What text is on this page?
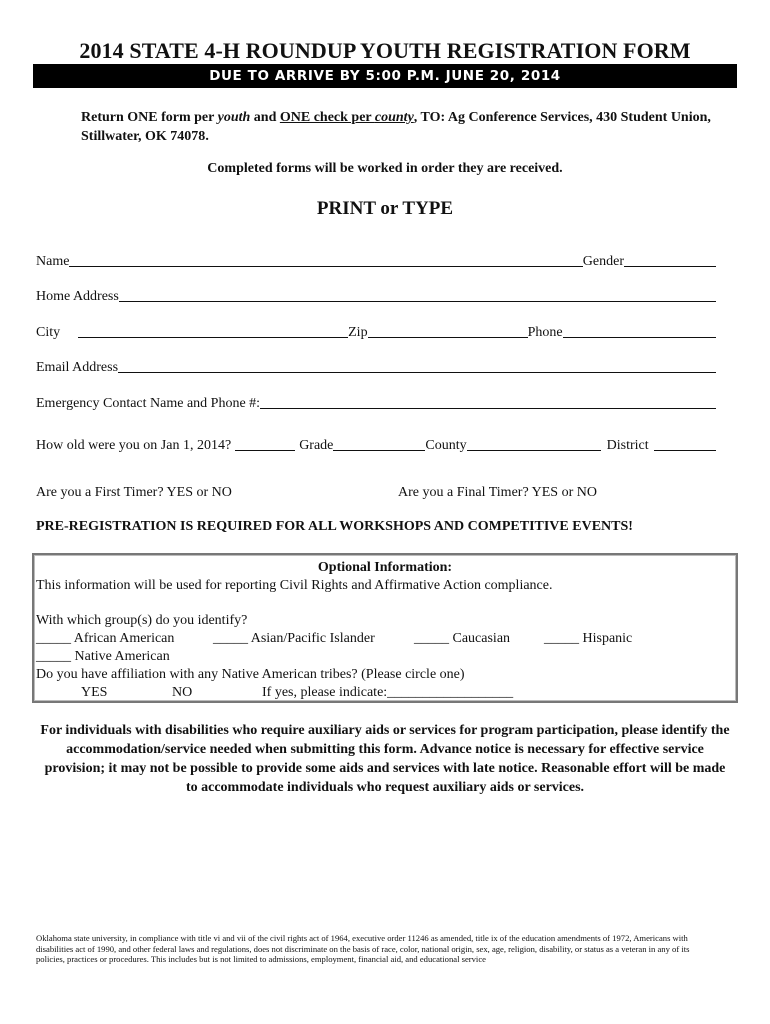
2014 STATE 4-H ROUNDUP YOUTH REGISTRATION FORM
DUE TO ARRIVE BY 5:00 P.M. JUNE 20, 2014
Return ONE form per youth and ONE check per county, TO: Ag Conference Services, 430 Student Union, Stillwater, OK 74078.
Completed forms will be worked in order they are received.
PRINT or TYPE
Name	Gender
Home Address
City	Zip	Phone
Email Address
Emergency Contact Name and Phone #:
How old were you on Jan 1, 2014?	Grade	County	District
Are you a First Timer? YES or NO	Are you a Final Timer? YES or NO
PRE-REGISTRATION IS REQUIRED FOR ALL WORKSHOPS AND COMPETITIVE EVENTS!
Optional Information:
This information will be used for reporting Civil Rights and Affirmative Action compliance.
With which group(s) do you identify?
_____ African American	_____ Asian/Pacific Islander	_____ Caucasian _____ Hispanic
_____ Native American
Do you have affiliation with any Native American tribes? (Please circle one)
YES	NO	If yes, please indicate:__________________
For individuals with disabilities who require auxiliary aids or services for program participation, please identify the accommodation/service needed when submitting this form. Advance notice is necessary for effective service provision; it may not be possible to provide some aids and services with late notice. Reasonable effort will be made to accommodate individuals who request auxiliary aids or services.
Oklahoma state university, in compliance with title vi and vii of the civil rights act of 1964, executive order 11246 as amended, title ix of the education amendments of 1972, Americans with disabilities act of 1990, and other federal laws and regulations, does not discriminate on the basis of race, color, national origin, sex, age, religion, disability, or status as a veteran in any of its policies, practices or procedures. This includes but is not limited to admissions, employment, financial aid, and educational service
